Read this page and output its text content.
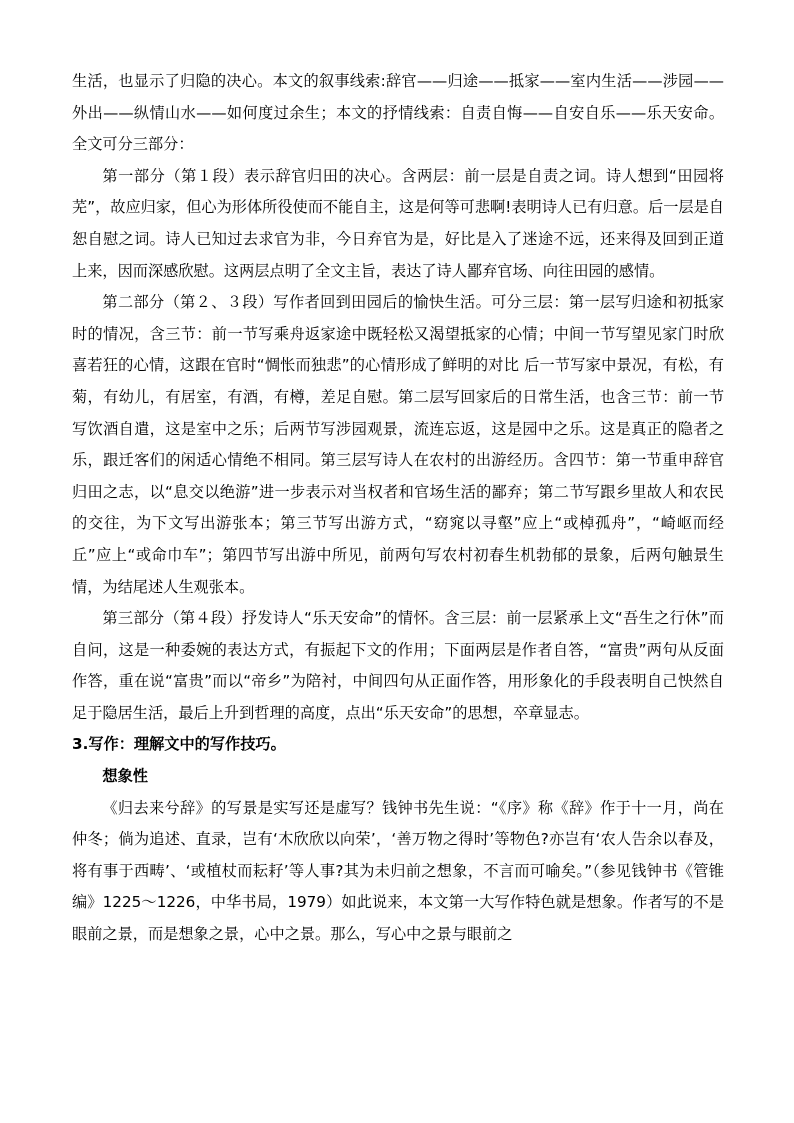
生活，也显示了归隐的决心。本文的叙事线索:辞官——归途——抵家——室内生活——涉园——外出——纵情山水——如何度过余生；本文的抒情线索：自责自悔——自安自乐——乐天安命。全文可分三部分：

第一部分（第１段）表示辞官归田的决心。含两层：前一层是自责之词。诗人想到“田园将芜”，故应归家，但心为形体所役使而不能自主，这是何等可悲啊!表明诗人已有归意。后一层是自恕自慰之词。诗人已知过去求官为非，今日弃官为是，好比是入了迷途不远，还来得及回到正道上来，因而深感欣慰。这两层点明了全文主旨，表达了诗人鄙弃官场、向往田园的感情。

第二部分（第２、３段）写作者回到田园后的愉快生活。可分三层：第一层写归途和初抵家时的情况，含三节：前一节写乘舟返家途中既轻松又渴望抵家的心情；中间一节写望见家门时欣喜若狂的心情，这跟在官时“惆怅而独悲”的心情形成了鲜明的对比 后一节写家中景况，有松，有菊，有幼儿，有居室，有酒，有樽，差足自慰。第二层写回家后的日常生活，也含三节：前一节写饮酒自遣，这是室中之乐；后两节写涉园观景，流连忘返，这是园中之乐。这是真正的隐者之乐，跟迁客们的闲适心情绝不相同。第三层写诗人在农村的出游经历。含四节：第一节重申辞官归田之志，以“息交以绝游”进一步表示对当权者和官场生活的鄙弃；第二节写跟乡里故人和农民的交往，为下文写出游张本；第三节写出游方式，“窈窕以寻壑”应上“或棹孤舟”，“崎岖而经丘”应上“或命巾车”；第四节写出游中所见，前两句写农村初春生机勃郁的景象，后两句触景生情，为结尾述人生观张本。

第三部分（第４段）抒发诗人“乐天安命”的情怀。含三层：前一层紧承上文“吾生之行休”而自问，这是一种委婉的表达方式，有振起下文的作用；下面两层是作者自答，“富贵”两句从反面作答，重在说“富贵”而以“帝乡”为陪衬，中间四句从正面作答，用形象化的手段表明自己怏然自足于隐居生活，最后上升到哲理的高度，点出“乐天安命”的思想，卒章显志。

3.写作：理解文中的写作技巧。

想象性

《归去来兮辞》的写景是实写还是虚写？钱钟书先生说：“《序》称《辞》作于十一月，尚在仲冬；倘为追述、直录，岂有‘木欣欣以向荣’，‘善万物之得时’等物色?亦岂有‘农人告余以春及，将有事于西畴’、‘或植杖而耘耔’等人事?其为未归前之想象，不言而可喻矣。”（参见钱钟书《管锥编》1225～1226，中华书局，1979）如此说来，本文第一大写作特色就是想象。作者写的不是眼前之景，而是想象之景，心中之景。那么，写心中之景与眼前之
